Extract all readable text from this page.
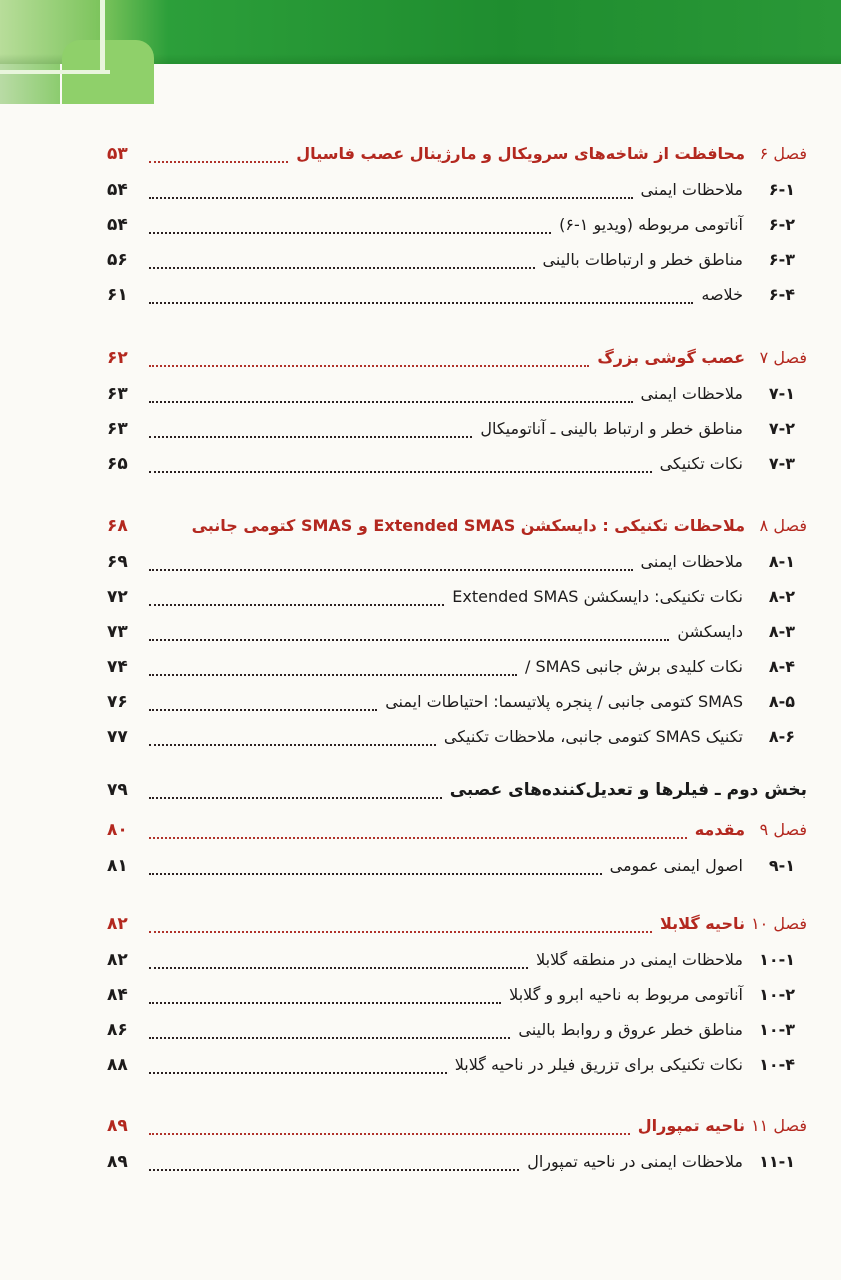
فصل ۶
محافظت از شاخه‌های سرویکال و مارژینال عصب فاسیال
۵۳
۶-۱
ملاحظات ایمنی
۵۴
۶-۲
آناتومی مربوطه (ویدیو ۱-۶)
۵۴
۶-۳
مناطق خطر و ارتباطات بالینی
۵۶
۶-۴
خلاصه
۶۱
فصل ۷
عصب گوشی بزرگ
۶۲
۷-۱
ملاحظات ایمنی
۶۳
۷-۲
مناطق خطر و ارتباط بالینی ـ آناتومیکال
۶۳
۷-۳
نکات تکنیکی
۶۵
فصل ۸
ملاحظات تکنیکی : دایسکشن Extended SMAS و SMAS کتومی جانبی
۶۸
۸-۱
ملاحظات ایمنی
۶۹
۸-۲
نکات تکنیکی: دایسکشن Extended SMAS
۷۲
۸-۳
دایسکشن
۷۳
۸-۴
نکات کلیدی برش جانبی SMAS /
۷۴
۸-۵
SMAS کتومی جانبی / پنجره پلاتیسما: احتیاطات ایمنی
۷۶
۸-۶
تکنیک SMAS کتومی جانبی، ملاحظات تکنیکی
۷۷
بخش دوم ـ فیلرها و تعدیل‌کننده‌های عصبی
۷۹
فصل ۹
مقدمه
۸۰
۹-۱
اصول ایمنی عمومی
۸۱
فصل ۱۰
ناحیه گلابلا
۸۲
۱۰-۱
ملاحظات ایمنی در منطقه گلابلا
۸۲
۱۰-۲
آناتومی مربوط به ناحیه ابرو و گلابلا
۸۴
۱۰-۳
مناطق خطر عروق و روابط بالینی
۸۶
۱۰-۴
نکات تکنیکی برای تزریق فیلر در ناحیه گلابلا
۸۸
فصل ۱۱
ناحیه تمپورال
۸۹
۱۱-۱
ملاحظات ایمنی در ناحیه تمپورال
۸۹
